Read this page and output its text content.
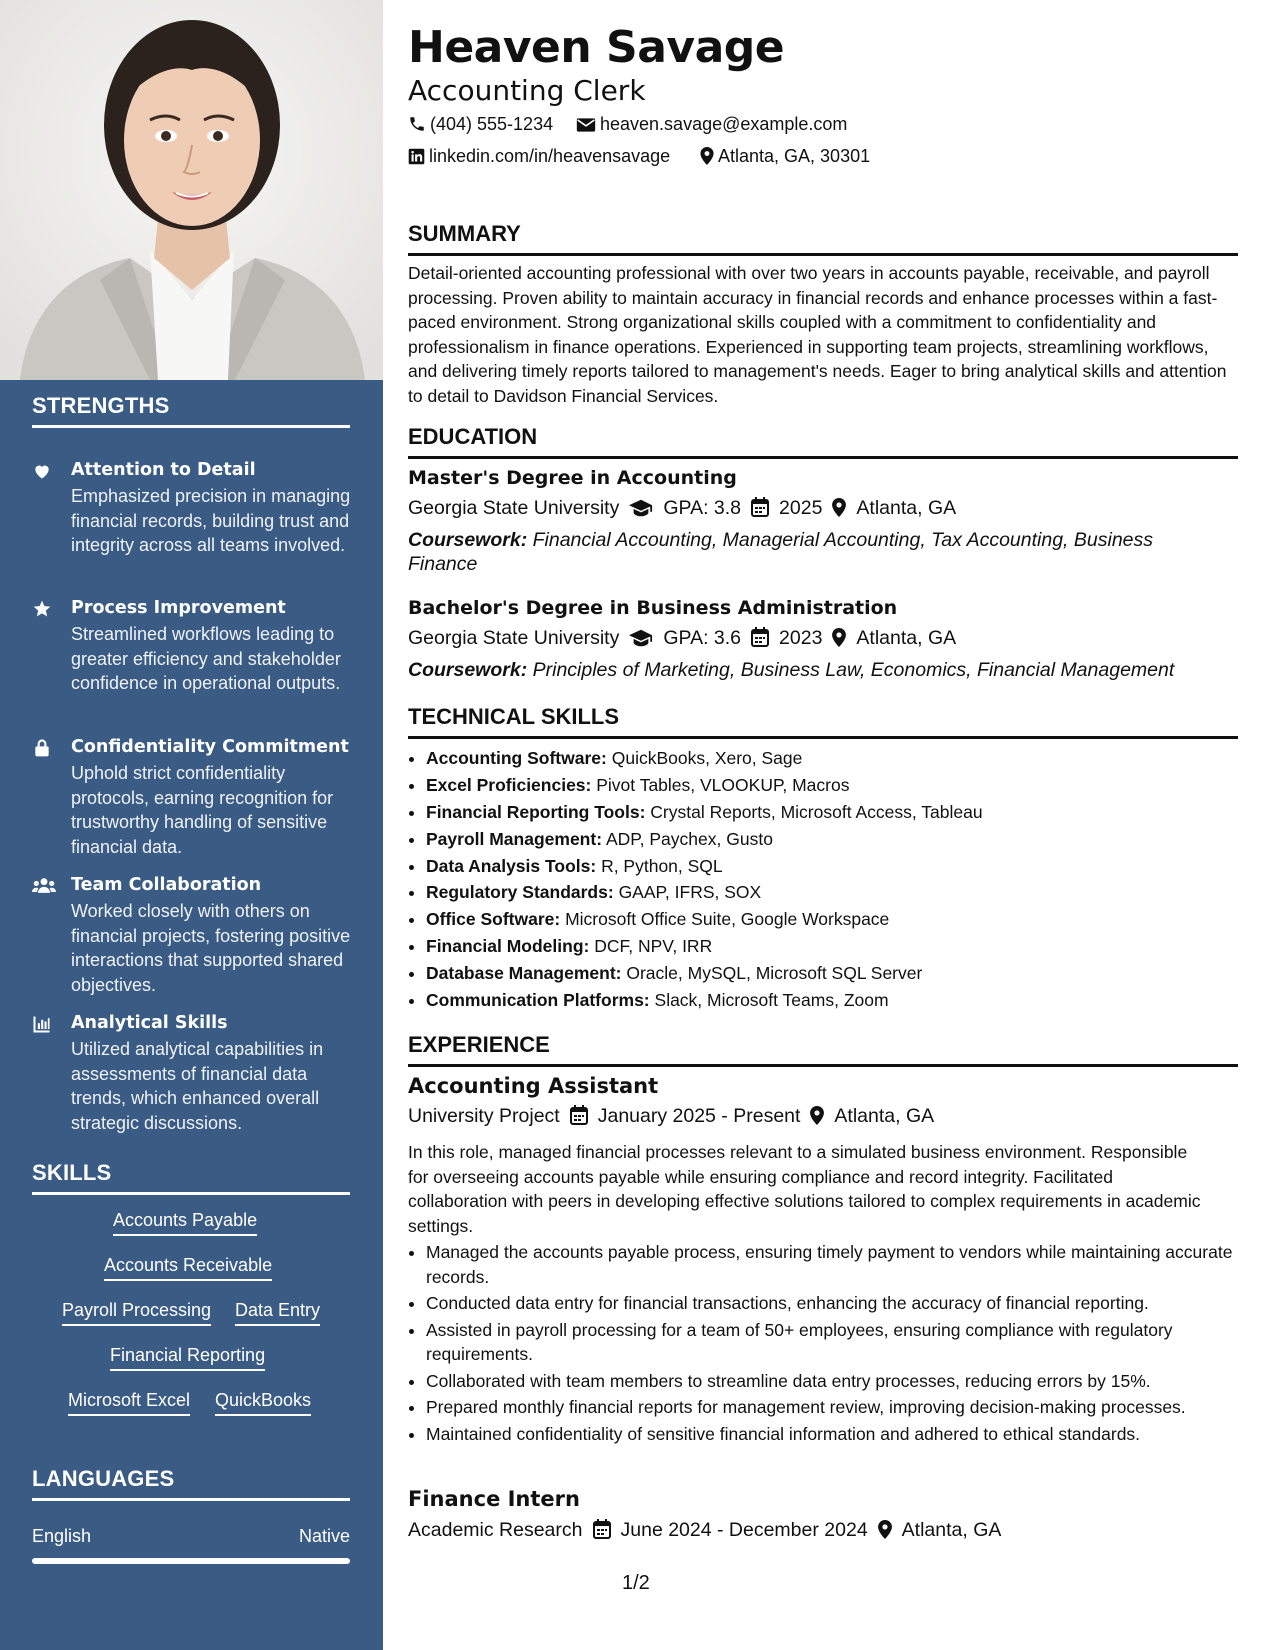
STRENGTHS
Attention to Detail
Emphasized precision in managing financial records, building trust and integrity across all teams involved.
Process Improvement
Streamlined workflows leading to greater efficiency and stakeholder confidence in operational outputs.
Confidentiality Commitment
Uphold strict confidentiality protocols, earning recognition for trustworthy handling of sensitive financial data.
Team Collaboration
Worked closely with others on financial projects, fostering positive interactions that supported shared objectives.
Analytical Skills
Utilized analytical capabilities in assessments of financial data trends, which enhanced overall strategic discussions.
SKILLS
Accounts Payable
Accounts Receivable
Payroll Processing Data Entry
Financial Reporting
Microsoft Excel QuickBooks
LANGUAGES
English	Native
Heaven Savage
Accounting Clerk
(404) 555-1234	heaven.savage@example.com
linkedin.com/in/heavensavage	Atlanta, GA, 30301
SUMMARY
Detail-oriented accounting professional with over two years in accounts payable, receivable, and payroll processing. Proven ability to maintain accuracy in financial records and enhance processes within a fast-paced environment. Strong organizational skills coupled with a commitment to confidentiality and professionalism in finance operations. Experienced in supporting team projects, streamlining workflows, and delivering timely reports tailored to management's needs. Eager to bring analytical skills and attention to detail to Davidson Financial Services.
EDUCATION
Master's Degree in Accounting
Georgia State University GPA: 3.8 2025 Atlanta, GA
Coursework: Financial Accounting, Managerial Accounting, Tax Accounting, Business Finance
Bachelor's Degree in Business Administration
Georgia State University GPA: 3.6 2023 Atlanta, GA
Coursework: Principles of Marketing, Business Law, Economics, Financial Management
TECHNICAL SKILLS
• Accounting Software: QuickBooks, Xero, Sage
• Excel Proficiencies: Pivot Tables, VLOOKUP, Macros
• Financial Reporting Tools: Crystal Reports, Microsoft Access, Tableau
• Payroll Management: ADP, Paychex, Gusto
• Data Analysis Tools: R, Python, SQL
• Regulatory Standards: GAAP, IFRS, SOX
• Office Software: Microsoft Office Suite, Google Workspace
• Financial Modeling: DCF, NPV, IRR
• Database Management: Oracle, MySQL, Microsoft SQL Server
• Communication Platforms: Slack, Microsoft Teams, Zoom
EXPERIENCE
Accounting Assistant
University Project January 2025 - Present Atlanta, GA
In this role, managed financial processes relevant to a simulated business environment. Responsible for overseeing accounts payable while ensuring compliance and record integrity. Facilitated collaboration with peers in developing effective solutions tailored to complex requirements in academic settings.
• Managed the accounts payable process, ensuring timely payment to vendors while maintaining accurate records.
• Conducted data entry for financial transactions, enhancing the accuracy of financial reporting.
• Assisted in payroll processing for a team of 50+ employees, ensuring compliance with regulatory requirements.
• Collaborated with team members to streamline data entry processes, reducing errors by 15%.
• Prepared monthly financial reports for management review, improving decision-making processes.
• Maintained confidentiality of sensitive financial information and adhered to ethical standards.
Finance Intern
Academic Research June 2024 - December 2024 Atlanta, GA
1/2
